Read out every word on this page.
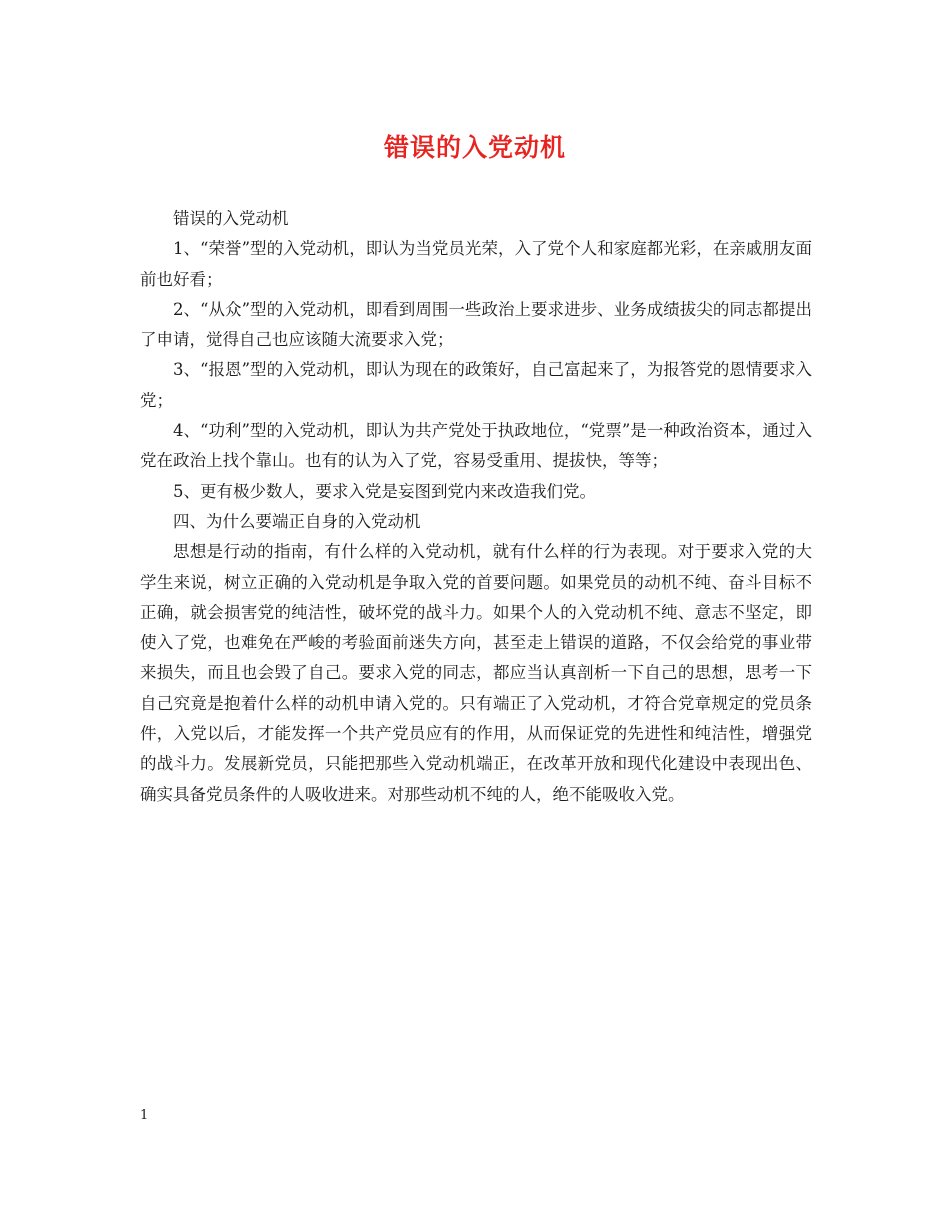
错误的入党动机

错误的入党动机

1、“荣誉”型的入党动机，即认为当党员光荣，入了党个人和家庭都光彩，在亲戚朋友面前也好看；

2、“从众”型的入党动机，即看到周围一些政治上要求进步、业务成绩拔尖的同志都提出了申请，觉得自己也应该随大流要求入党；

3、“报恩”型的入党动机，即认为现在的政策好，自己富起来了，为报答党的恩情要求入党；

4、“功利”型的入党动机，即认为共产党处于执政地位，“党票”是一种政治资本，通过入党在政治上找个靠山。也有的认为入了党，容易受重用、提拔快，等等；

5、更有极少数人，要求入党是妄图到党内来改造我们党。

四、为什么要端正自身的入党动机

思想是行动的指南，有什么样的入党动机，就有什么样的行为表现。对于要求入党的大学生来说，树立正确的入党动机是争取入党的首要问题。如果党员的动机不纯、奋斗目标不正确，就会损害党的纯洁性，破坏党的战斗力。如果个人的入党动机不纯、意志不坚定，即使入了党，也难免在严峻的考验面前迷失方向，甚至走上错误的道路，不仅会给党的事业带来损失，而且也会毁了自己。要求入党的同志，都应当认真剖析一下自己的思想，思考一下自己究竟是抱着什么样的动机申请入党的。只有端正了入党动机，才符合党章规定的党员条件，入党以后，才能发挥一个共产党员应有的作用，从而保证党的先进性和纯洁性，增强党的战斗力。发展新党员，只能把那些入党动机端正，在改革开放和现代化建设中表现出色、确实具备党员条件的人吸收进来。对那些动机不纯的人，绝不能吸收入党。

1
